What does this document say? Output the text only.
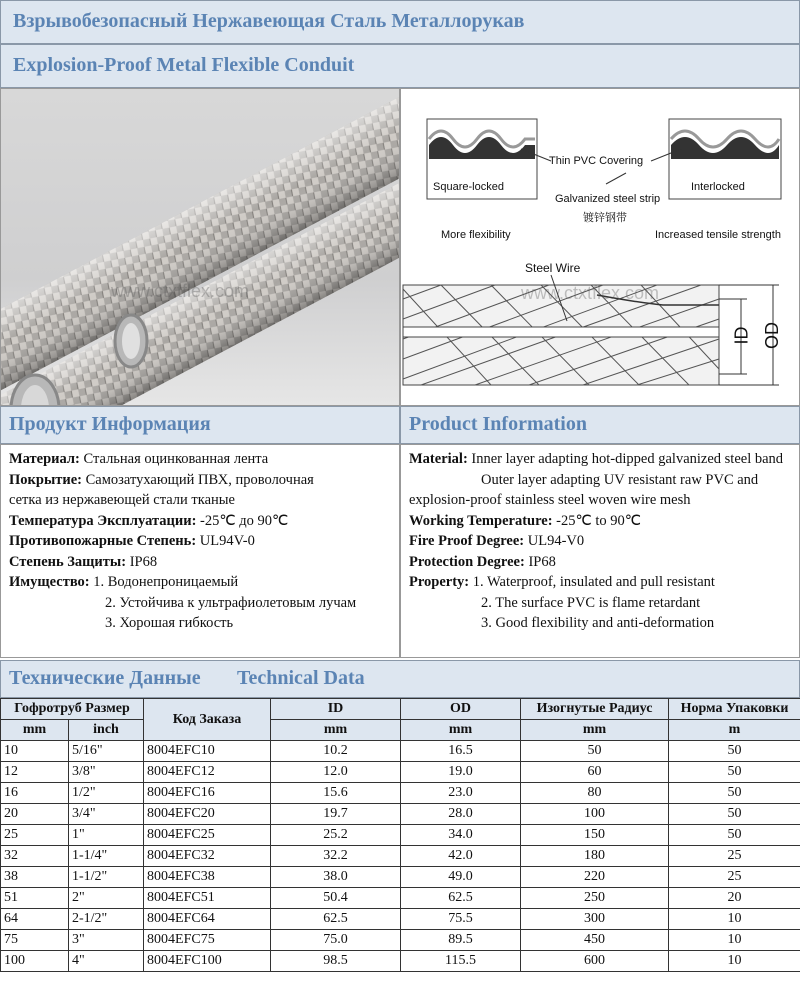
Взрывобезопасный Нержавеющая Сталь Металлорукав
Explosion-Proof Metal Flexible Conduit
www.ctxtflex.com
Square-locked
Thin PVC Covering
Interlocked
Galvanized steel strip
镀锌钢带
More flexibility	Increased tensile strength
Steel Wire
ID OD
www.ctxtflex.com
Продукт Информация	Product Information
Материал: Стальная оцинкованная лента
Покрытие: Самозатухающий ПВХ, проволочная
сетка из нержавеющей стали тканые
Температура Эксплуатации: -25℃ до 90℃
Противопожарные Степень: UL94V-0
Степень Защиты: IP68
Имущество: 1. Водонепроницаемый
2. Устойчива к ультрафиолетовым лучам
3. Хорошая гибкость
Material: Inner layer adapting hot-dipped galvanized steel band
Outer layer adapting UV resistant raw PVC and
explosion-proof stainless steel woven wire mesh
Working Temperature: -25℃ to 90℃
Fire Proof Degree: UL94-V0
Protection Degree: IP68
Property: 1. Waterproof, insulated and pull resistant
2. The surface PVC is flame retardant
3. Good flexibility and anti-deformation
Технические Данные Technical Data
Гофротруб Размер		Код Заказа	ID	OD	Изогнутые Радиус	Норма Упаковки
mm	inch		mm	mm	mm	m
10	5/16"	8004EFC10	10.2	16.5	50	50
12	3/8"	8004EFC12	12.0	19.0	60	50
16	1/2"	8004EFC16	15.6	23.0	80	50
20	3/4"	8004EFC20	19.7	28.0	100	50
25	1"	8004EFC25	25.2	34.0	150	50
32	1-1/4"	8004EFC32	32.2	42.0	180	25
38	1-1/2"	8004EFC38	38.0	49.0	220	25
51	2"	8004EFC51	50.4	62.5	250	20
64	2-1/2"	8004EFC64	62.5	75.5	300	10
75	3"	8004EFC75	75.0	89.5	450	10
100	4"	8004EFC100	98.5	115.5	600	10
